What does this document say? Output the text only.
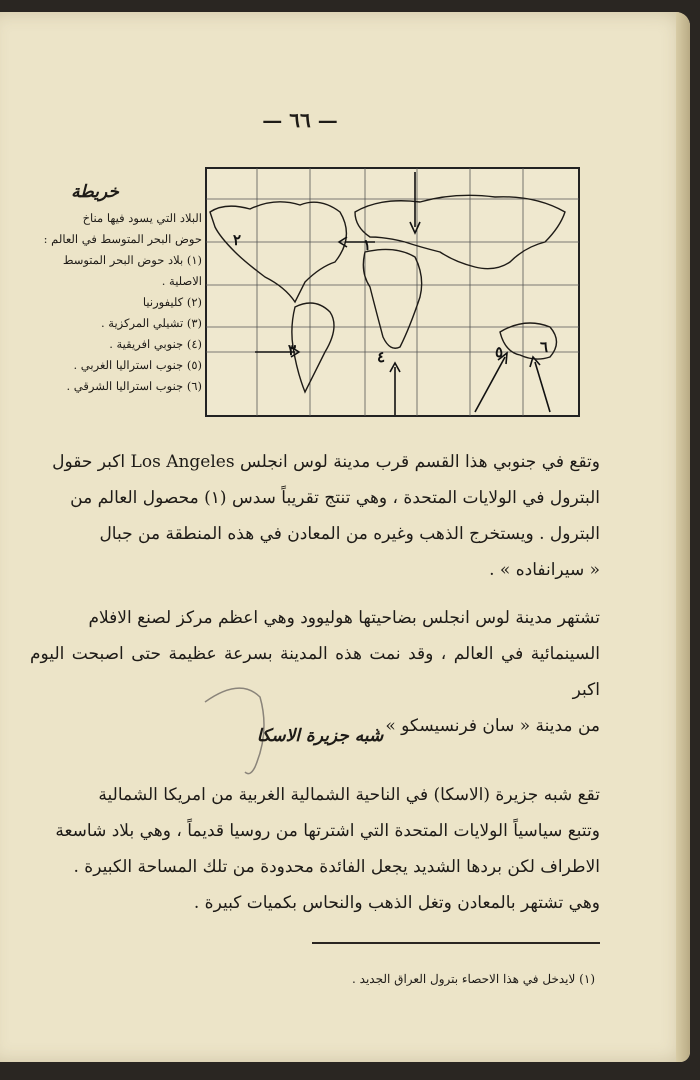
— ٦٦ —
خريطة
البلاد التي يسود فيها مناخ
حوض البحر المتوسط في العالم :
(١) بلاد حوض البحر المتوسط
الاصلية .
(٢) كليفورنيا
(٣) تشيلي المركزية .
(٤) جنوبي افريقية .
(٥) جنوب استراليا الغربي .
(٦) جنوب استراليا الشرقي .
١
٢
٣	٤	٥ ٦
وتقع في جنوبي هذا القسم قرب مدينة لوس انجلس Los Angeles اكبر حقول
البترول في الولايات المتحدة ، وهي تنتج تقريباً سدس (١) محصول العالم من
البترول . ويستخرج الذهب وغيره من المعادن في هذه المنطقة من جبال
« سيرانفاده » .
تشتهر مدينة لوس انجلس بضاحيتها هوليوود وهي اعظم مركز لصنع الافلام
السينمائية في العالم ، وقد نمت هذه المدينة بسرعة عظيمة حتى اصبحت اليوم اكبر
من مدينة « سان فرنسيسكو » .
شبه جزيرة الاسكا
تقع شبه جزيرة (الاسكا) في الناحية الشمالية الغربية من امريكا الشمالية
وتتبع سياسياً الولايات المتحدة التي اشترتها من روسيا قديماً ، وهي بلاد شاسعة
الاطراف لكن بردها الشديد يجعل الفائدة محدودة من تلك المساحة الكبيرة .
وهي تشتهر بالمعادن وتغل الذهب والنحاس بكميات كبيرة .
(١) لايدخل في هذا الاحصاء بترول العراق الجديد .
